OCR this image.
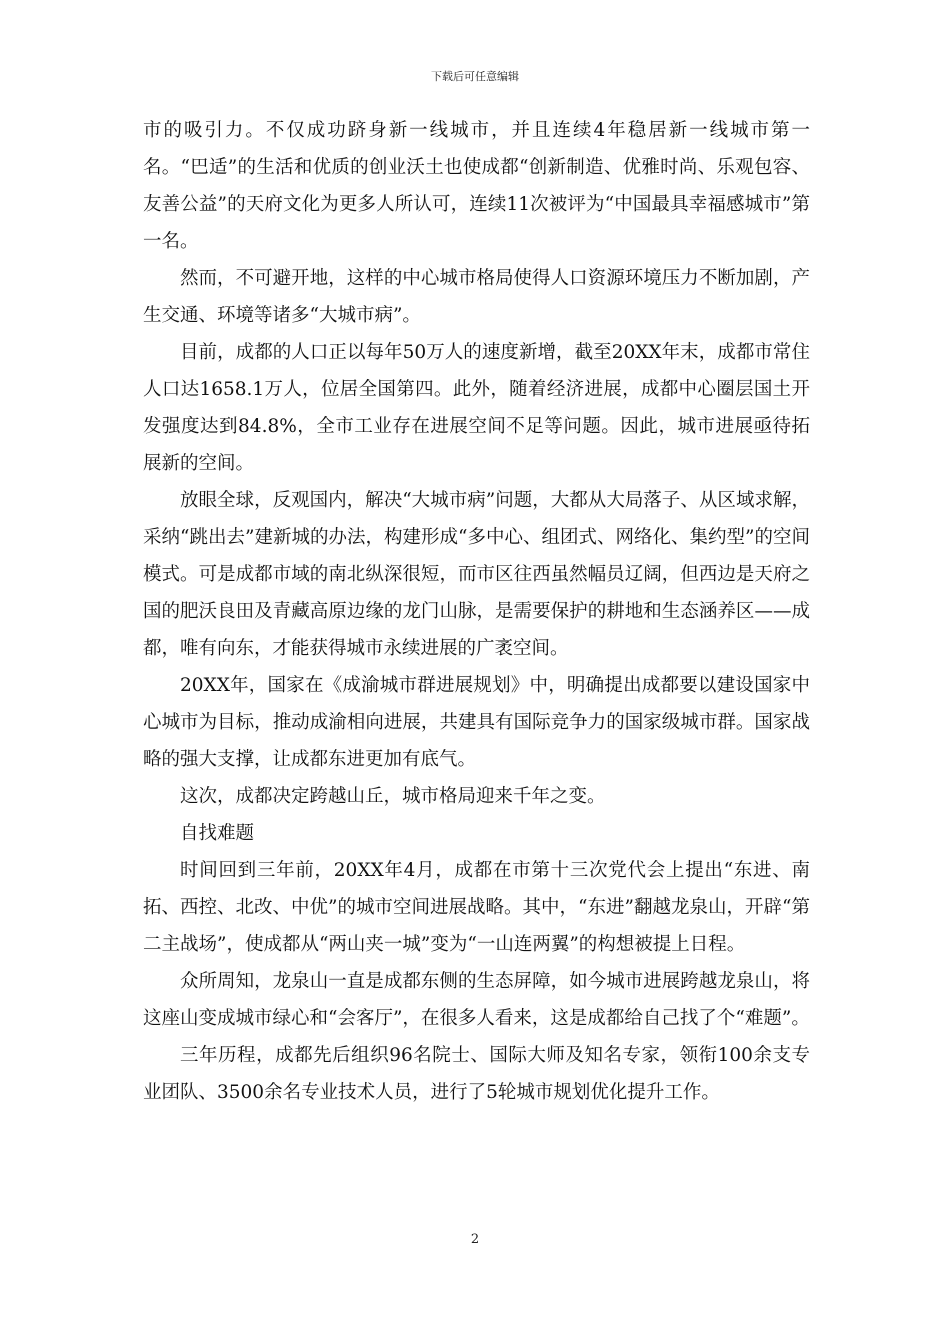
下载后可任意编辑

市的吸引力。不仅成功跻身新一线城市，并且连续4年稳居新一线城市第一名。“巴适”的生活和优质的创业沃土也使成都“创新制造、优雅时尚、乐观包容、友善公益”的天府文化为更多人所认可，连续11次被评为“中国最具幸福感城市”第一名。

然而，不可避开地，这样的中心城市格局使得人口资源环境压力不断加剧，产生交通、环境等诸多“大城市病”。

目前，成都的人口正以每年50万人的速度新增，截至20XX年末，成都市常住人口达1658.1万人，位居全国第四。此外，随着经济进展，成都中心圈层国土开发强度达到84.8%，全市工业存在进展空间不足等问题。因此，城市进展亟待拓展新的空间。

放眼全球，反观国内，解决“大城市病”问题，大都从大局落子、从区域求解，采纳“跳出去”建新城的办法，构建形成“多中心、组团式、网络化、集约型”的空间模式。可是成都市域的南北纵深很短，而市区往西虽然幅员辽阔，但西边是天府之国的肥沃良田及青藏高原边缘的龙门山脉，是需要保护的耕地和生态涵养区——成都，唯有向东，才能获得城市永续进展的广袤空间。

20XX年，国家在《成渝城市群进展规划》中，明确提出成都要以建设国家中心城市为目标，推动成渝相向进展，共建具有国际竞争力的国家级城市群。国家战略的强大支撑，让成都东进更加有底气。

这次，成都决定跨越山丘，城市格局迎来千年之变。

自找难题

时间回到三年前，20XX年4月，成都在市第十三次党代会上提出“东进、南拓、西控、北改、中优”的城市空间进展战略。其中，“东进”翻越龙泉山，开辟“第二主战场”，使成都从“两山夹一城”变为“一山连两翼”的构想被提上日程。

众所周知，龙泉山一直是成都东侧的生态屏障，如今城市进展跨越龙泉山，将这座山变成城市绿心和“会客厅”，在很多人看来，这是成都给自己找了个“难题”。

三年历程，成都先后组织96名院士、国际大师及知名专家，领衔100余支专业团队、3500余名专业技术人员，进行了5轮城市规划优化提升工作。

2
